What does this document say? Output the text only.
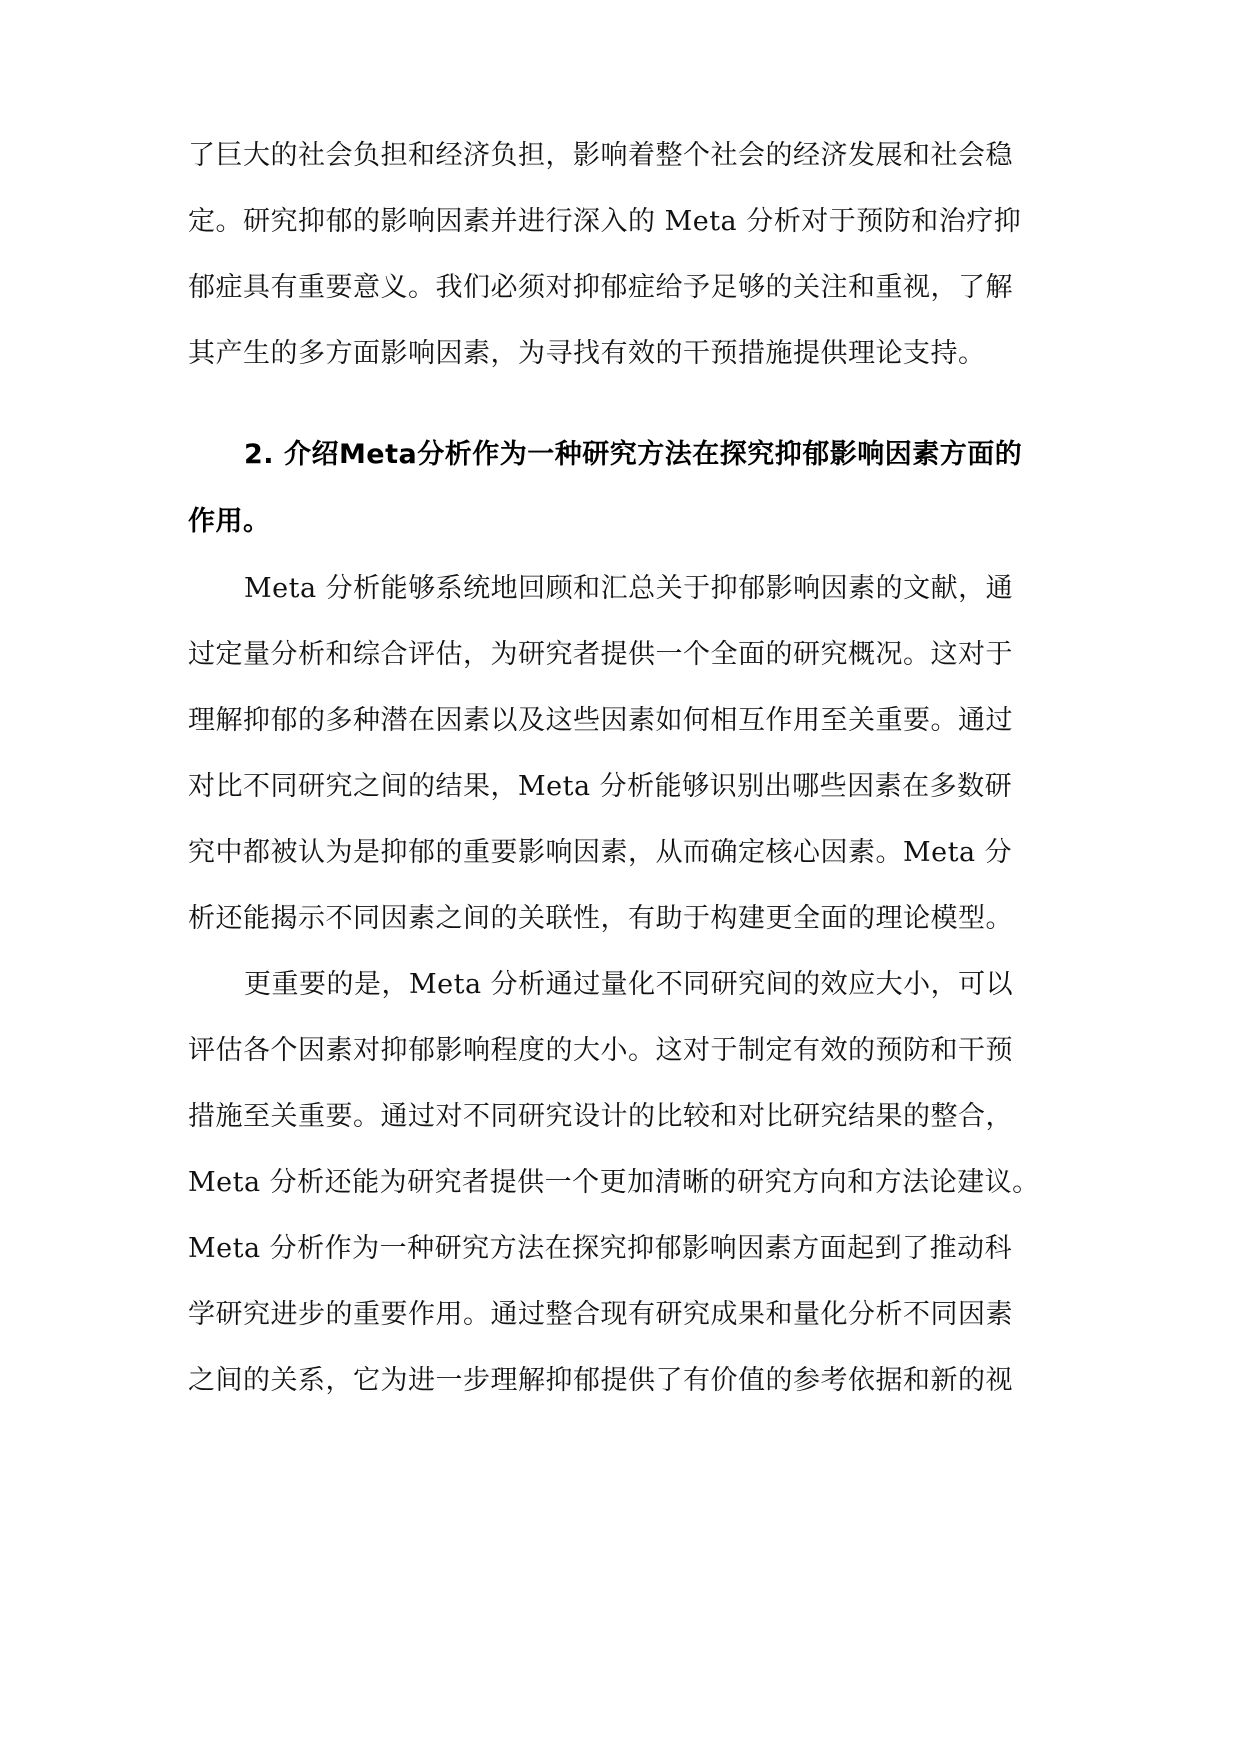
了巨大的社会负担和经济负担，影响着整个社会的经济发展和社会稳
定。研究抑郁的影响因素并进行深入的 Meta 分析对于预防和治疗抑
郁症具有重要意义。我们必须对抑郁症给予足够的关注和重视，了解
其产生的多方面影响因素，为寻找有效的干预措施提供理论支持。
2. 介绍Meta分析作为一种研究方法在探究抑郁影响因素方面的
作用。
Meta 分析能够系统地回顾和汇总关于抑郁影响因素的文献，通
过定量分析和综合评估，为研究者提供一个全面的研究概况。这对于
理解抑郁的多种潜在因素以及这些因素如何相互作用至关重要。通过
对比不同研究之间的结果，Meta 分析能够识别出哪些因素在多数研
究中都被认为是抑郁的重要影响因素，从而确定核心因素。Meta 分
析还能揭示不同因素之间的关联性，有助于构建更全面的理论模型。
更重要的是，Meta 分析通过量化不同研究间的效应大小，可以
评估各个因素对抑郁影响程度的大小。这对于制定有效的预防和干预
措施至关重要。通过对不同研究设计的比较和对比研究结果的整合，
Meta 分析还能为研究者提供一个更加清晰的研究方向和方法论建议。
Meta 分析作为一种研究方法在探究抑郁影响因素方面起到了推动科
学研究进步的重要作用。通过整合现有研究成果和量化分析不同因素
之间的关系，它为进一步理解抑郁提供了有价值的参考依据和新的视
